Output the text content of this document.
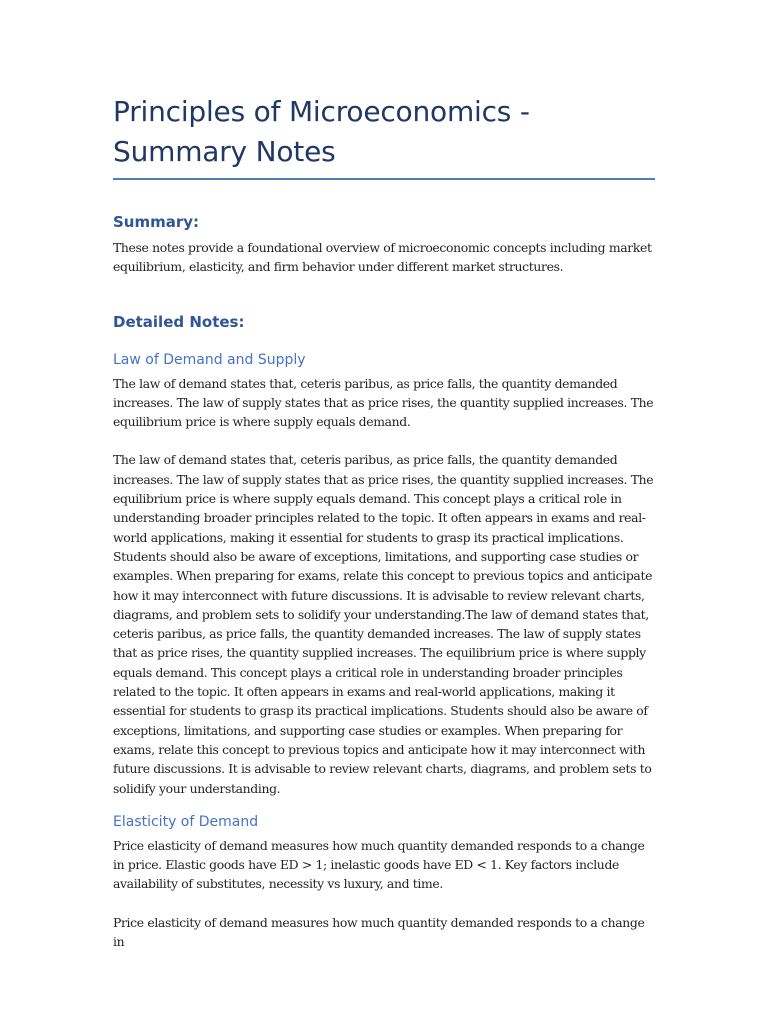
Principles of Microeconomics - Summary Notes
Summary:

These notes provide a foundational overview of microeconomic concepts including market equilibrium, elasticity, and firm behavior under different market structures.

Detailed Notes:
Law of Demand and Supply

The law of demand states that, ceteris paribus, as price falls, the quantity demanded increases. The law of supply states that as price rises, the quantity supplied increases. The equilibrium price is where supply equals demand.

The law of demand states that, ceteris paribus, as price falls, the quantity demanded increases. The law of supply states that as price rises, the quantity supplied increases. The equilibrium price is where supply equals demand. This concept plays a critical role in understanding broader principles related to the topic. It often appears in exams and real-world applications, making it essential for students to grasp its practical implications. Students should also be aware of exceptions, limitations, and supporting case studies or examples. When preparing for exams, relate this concept to previous topics and anticipate how it may interconnect with future discussions. It is advisable to review relevant charts, diagrams, and problem sets to solidify your understanding.The law of demand states that, ceteris paribus, as price falls, the quantity demanded increases. The law of supply states that as price rises, the quantity supplied increases. The equilibrium price is where supply equals demand. This concept plays a critical role in understanding broader principles related to the topic. It often appears in exams and real-world applications, making it essential for students to grasp its practical implications. Students should also be aware of exceptions, limitations, and supporting case studies or examples. When preparing for exams, relate this concept to previous topics and anticipate how it may interconnect with future discussions. It is advisable to review relevant charts, diagrams, and problem sets to solidify your understanding.

Elasticity of Demand

Price elasticity of demand measures how much quantity demanded responds to a change in price. Elastic goods have ED > 1; inelastic goods have ED < 1. Key factors include availability of substitutes, necessity vs luxury, and time.

Price elasticity of demand measures how much quantity demanded responds to a change in
